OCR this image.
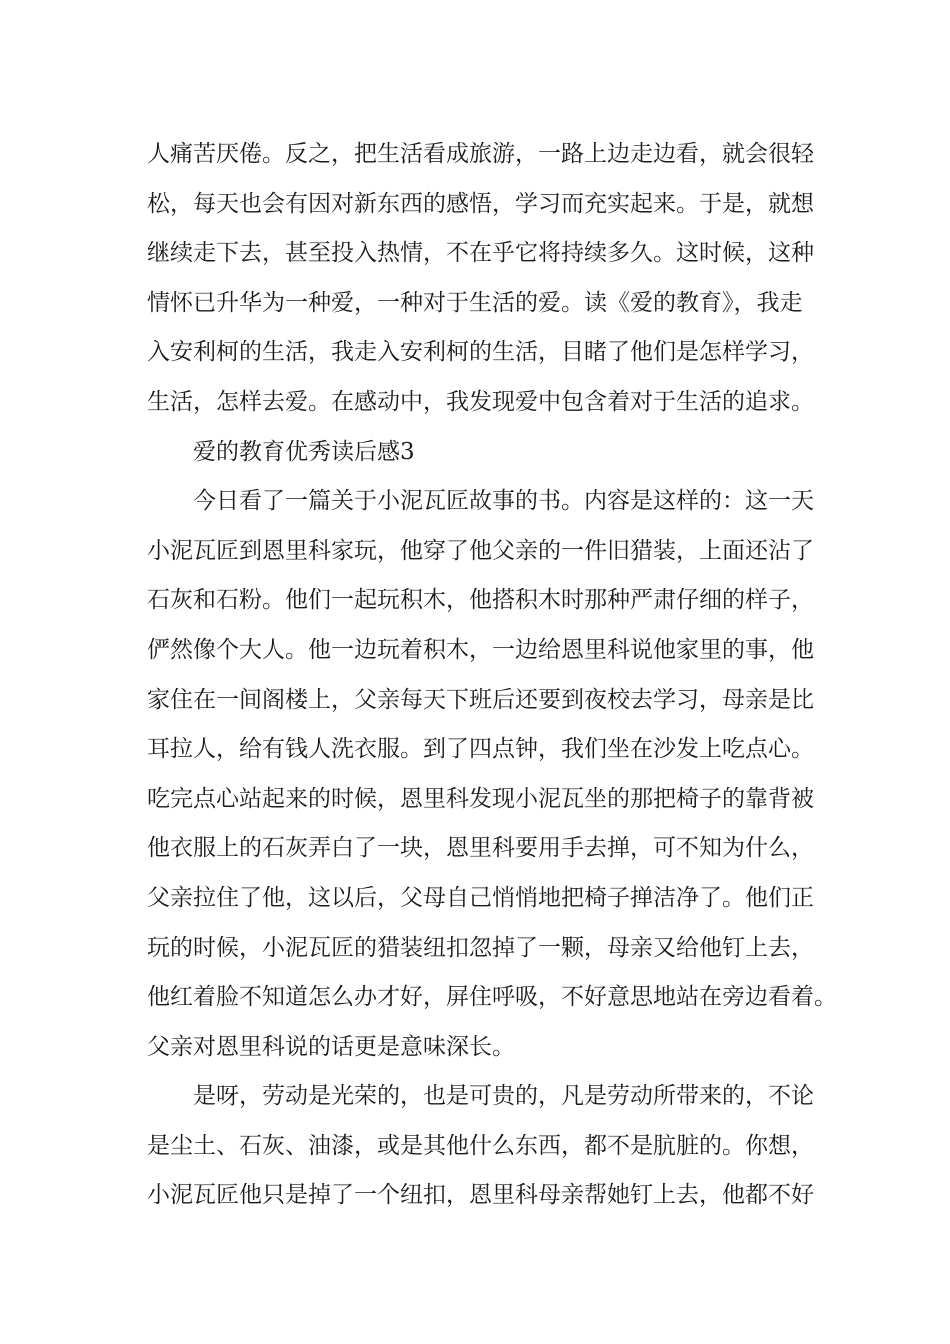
人痛苦厌倦。反之，把生活看成旅游，一路上边走边看，就会很轻
松，每天也会有因对新东西的感悟，学习而充实起来。于是，就想
继续走下去，甚至投入热情，不在乎它将持续多久。这时候，这种
情怀已升华为一种爱，一种对于生活的爱。读《爱的教育》，我走
入安利柯的生活，我走入安利柯的生活，目睹了他们是怎样学习，
生活，怎样去爱。在感动中，我发现爱中包含着对于生活的追求。
爱的教育优秀读后感3
今日看了一篇关于小泥瓦匠故事的书。内容是这样的：这一天
小泥瓦匠到恩里科家玩，他穿了他父亲的一件旧猎装，上面还沾了
石灰和石粉。他们一起玩积木，他搭积木时那种严肃仔细的样子，
俨然像个大人。他一边玩着积木，一边给恩里科说他家里的事，他
家住在一间阁楼上，父亲每天下班后还要到夜校去学习，母亲是比
耳拉人，给有钱人洗衣服。到了四点钟，我们坐在沙发上吃点心。
吃完点心站起来的时候，恩里科发现小泥瓦坐的那把椅子的靠背被
他衣服上的石灰弄白了一块，恩里科要用手去掸，可不知为什么，
父亲拉住了他，这以后，父母自己悄悄地把椅子掸洁净了。他们正
玩的时候，小泥瓦匠的猎装纽扣忽掉了一颗，母亲又给他钉上去，
他红着脸不知道怎么办才好，屏住呼吸，不好意思地站在旁边看着。
父亲对恩里科说的话更是意味深长。
是呀，劳动是光荣的，也是可贵的，凡是劳动所带来的，不论
是尘土、石灰、油漆，或是其他什么东西，都不是肮脏的。你想，
小泥瓦匠他只是掉了一个纽扣，恩里科母亲帮她钉上去，他都不好
